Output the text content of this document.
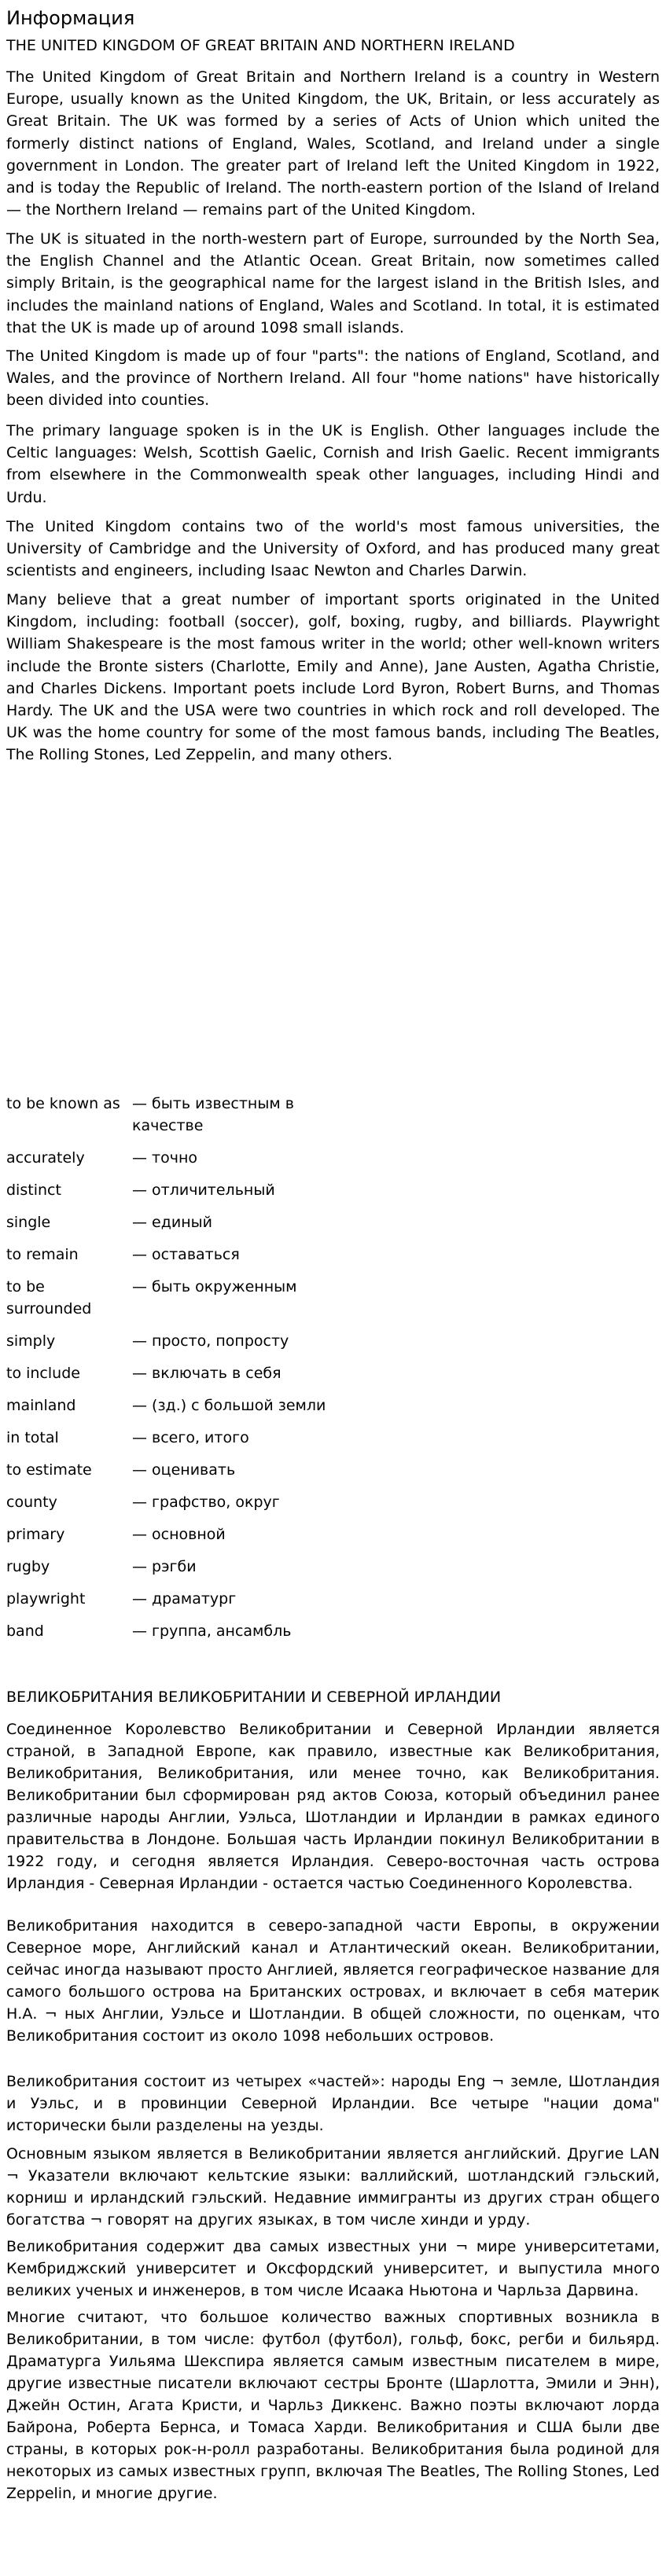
Информация
THE UNITED KINGDOM OF GREAT BRITAIN AND NORTHERN IRELAND

The United Kingdom of Great Britain and Northern Ireland is a country in Western Europe, usually known as the United Kingdom, the UK, Britain, or less accurately as Great Britain. The UK was formed by a series of Acts of Union which united the formerly distinct nations of England, Wales, Scotland, and Ireland under a single government in London. The greater part of Ireland left the United Kingdom in 1922, and is today the Republic of Ireland. The north-eastern portion of the Island of Ireland — the Northern Ireland — remains part of the United Kingdom.

The UK is situated in the north-western part of Europe, surrounded by the North Sea, the English Channel and the Atlantic Ocean. Great Britain, now sometimes called simply Britain, is the geographical name for the largest island in the British Isles, and includes the mainland nations of England, Wales and Scotland. In total, it is estimated that the UK is made up of around 1098 small islands.

The United Kingdom is made up of four "parts": the nations of England, Scotland, and Wales, and the province of Northern Ireland. All four "home nations" have historically been divided into counties.

The primary language spoken is in the UK is English. Other languages include the Celtic languages: Welsh, Scottish Gaelic, Cornish and Irish Gaelic. Recent immigrants from elsewhere in the Commonwealth speak other languages, including Hindi and Urdu.

The United Kingdom contains two of the world's most famous universities, the University of Cambridge and the University of Oxford, and has produced many great scientists and engineers, including Isaac Newton and Charles Darwin.

Many believe that a great number of important sports originated in the United Kingdom, including: football (soccer), golf, boxing, rugby, and billiards. Playwright William Shakespeare is the most famous writer in the world; other well-known writers include the Bronte sisters (Charlotte, Emily and Anne), Jane Austen, Agatha Christie, and Charles Dickens. Important poets include Lord Byron, Robert Burns, and Thomas Hardy. The UK and the USA were two countries in which rock and roll developed. The UK was the home country for some of the most famous bands, including The Beatles, The Rolling Stones, Led Zeppelin, and many others.

to be known as	— быть известным в качестве
accurately	— точно
distinct	— отличительный
single	— единый
to remain	— оставаться
to be surrounded	— быть окруженным
simply	— просто, попросту
to include	— включать в себя
mainland	— (зд.) с большой земли
in total	— всего, итого
to estimate	— оценивать
county	— графство, округ
primary	— основной
rugby	— рэгби
playwright	— драматург
band	— группа, ансамбль
ВЕЛИКОБРИТАНИЯ ВЕЛИКОБРИТАНИИ И СЕВЕРНОЙ ИРЛАНДИИ

Соединенное Королевство Великобритании и Северной Ирландии является страной, в Западной Европе, как правило, известные как Великобритания, Великобритания, Великобритания, или менее точно, как Великобритания. Великобритании был сформирован ряд актов Союза, который объединил ранее различные народы Англии, Уэльса, Шотландии и Ирландии в рамках единого правительства в Лондоне. Большая часть Ирландии покинул Великобритании в 1922 году, и сегодня является Ирландия. Северо-восточная часть острова Ирландия - Северная Ирландии - остается частью Соединенного Королевства.

Великобритания находится в северо-западной части Европы, в окружении Северное море, Английский канал и Атлантический океан. Великобритании, сейчас иногда называют просто Англией, является географическое название для самого большого острова на Британских островах, и включает в себя материк Н.А. ¬ ных Англии, Уэльсе и Шотландии. В общей сложности, по оценкам, что Великобритания состоит из около 1098 небольших островов.

Великобритания состоит из четырех «частей»: народы Eng ¬ земле, Шотландия и Уэльс, и в провинции Северной Ирландии. Все четыре "нации дома" исторически были разделены на уезды.

Основным языком является в Великобритании является английский. Другие LAN ¬ Указатели включают кельтские языки: валлийский, шотландский гэльский, корниш и ирландский гэльский. Недавние иммигранты из других стран общего богатства ¬ говорят на других языках, в том числе хинди и урду.

Великобритания содержит два самых известных уни ¬ мире университетами, Кембриджский университет и Оксфордский университет, и выпустила много великих ученых и инженеров, в том числе Исаака Ньютона и Чарльза Дарвина.

Многие считают, что большое количество важных спортивных возникла в Великобритании, в том числе: футбол (футбол), гольф, бокс, регби и бильярд. Драматурга Уильяма Шекспира является самым известным писателем в мире, другие известные писатели включают сестры Бронте (Шарлотта, Эмили и Энн), Джейн Остин, Агата Кристи, и Чарльз Диккенс. Важно поэты включают лорда Байрона, Роберта Бернса, и Томаса Харди. Великобритания и США были две страны, в которых рок-н-ролл разработаны. Великобритания была родиной для некоторых из самых известных групп, включая The Beatles, The Rolling Stones, Led Zeppelin, и многие другие.
